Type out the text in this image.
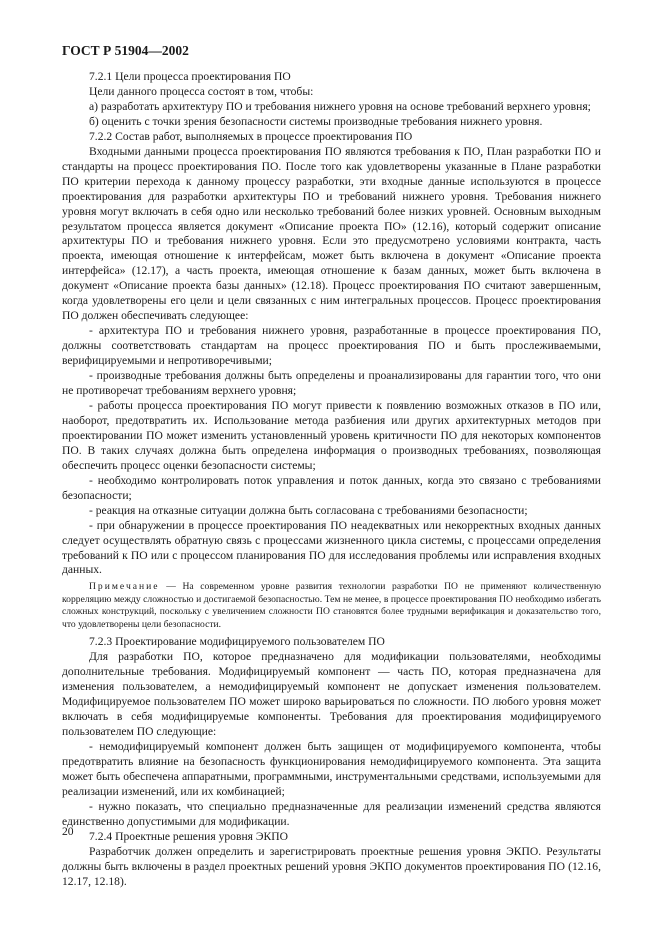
ГОСТ Р 51904—2002

7.2.1 Цели процесса проектирования ПО

Цели данного процесса состоят в том, чтобы:

a) разработать архитектуру ПО и требования нижнего уровня на основе требований верхнего уровня;

б) оценить с точки зрения безопасности системы производные требования нижнего уровня.

7.2.2 Состав работ, выполняемых в процессе проектирования ПО

Входными данными процесса проектирования ПО являются требования к ПО, План разработки ПО и стандарты на процесс проектирования ПО. После того как удовлетворены указанные в Плане разработки ПО критерии перехода к данному процессу разработки, эти входные данные используются в процессе проектирования для разработки архитектуры ПО и требований нижнего уровня. Требования нижнего уровня могут включать в себя одно или несколько требований более низких уровней. Основным выходным результатом процесса является документ «Описание проекта ПО» (12.16), который содержит описание архитектуры ПО и требования нижнего уровня. Если это предусмотрено условиями контракта, часть проекта, имеющая отношение к интерфейсам, может быть включена в документ «Описание проекта интерфейса» (12.17), а часть проекта, имеющая отношение к базам данных, может быть включена в документ «Описание проекта базы данных» (12.18). Процесс проектирования ПО считают завершенным, когда удовлетворены его цели и цели связанных с ним интегральных процессов. Процесс проектирования ПО должен обеспечивать следующее:

- архитектура ПО и требования нижнего уровня, разработанные в процессе проектирования ПО, должны соответствовать стандартам на процесс проектирования ПО и быть прослеживаемыми, верифицируемыми и непротиворечивыми;

- производные требования должны быть определены и проанализированы для гарантии того, что они не противоречат требованиям верхнего уровня;

- работы процесса проектирования ПО могут привести к появлению возможных отказов в ПО или, наоборот, предотвратить их. Использование метода разбиения или других архитектурных методов при проектировании ПО может изменить установленный уровень критичности ПО для некоторых компонентов ПО. В таких случаях должна быть определена информация о производных требованиях, позволяющая обеспечить процесс оценки безопасности системы;

- необходимо контролировать поток управления и поток данных, когда это связано с требованиями безопасности;

- реакция на отказные ситуации должна быть согласована с требованиями безопасности;

- при обнаружении в процессе проектирования ПО неадекватных или некорректных входных данных следует осуществлять обратную связь с процессами жизненного цикла системы, с процессами определения требований к ПО или с процессом планирования ПО для исследования проблемы или исправления входных данных.

Примечание — На современном уровне развития технологии разработки ПО не применяют количественную корреляцию между сложностью и достигаемой безопасностью. Тем не менее, в процессе проектирования ПО необходимо избегать сложных конструкций, поскольку с увеличением сложности ПО становятся более трудными верификация и доказательство того, что удовлетворены цели безопасности.

7.2.3 Проектирование модифицируемого пользователем ПО

Для разработки ПО, которое предназначено для модификации пользователями, необходимы дополнительные требования. Модифицируемый компонент — часть ПО, которая предназначена для изменения пользователем, а немодифицируемый компонент не допускает изменения пользователем. Модифицируемое пользователем ПО может широко варьироваться по сложности. ПО любого уровня может включать в себя модифицируемые компоненты. Требования для проектирования модифицируемого пользователем ПО следующие:

- немодифицируемый компонент должен быть защищен от модифицируемого компонента, чтобы предотвратить влияние на безопасность функционирования немодифицируемого компонента. Эта защита может быть обеспечена аппаратными, программными, инструментальными средствами, используемыми для реализации изменений, или их комбинацией;

- нужно показать, что специально предназначенные для реализации изменений средства являются единственно допустимыми для модификации.

7.2.4 Проектные решения уровня ЭКПО

Разработчик должен определить и зарегистрировать проектные решения уровня ЭКПО. Результаты должны быть включены в раздел проектных решений уровня ЭКПО документов проектирования ПО (12.16, 12.17, 12.18).

20
